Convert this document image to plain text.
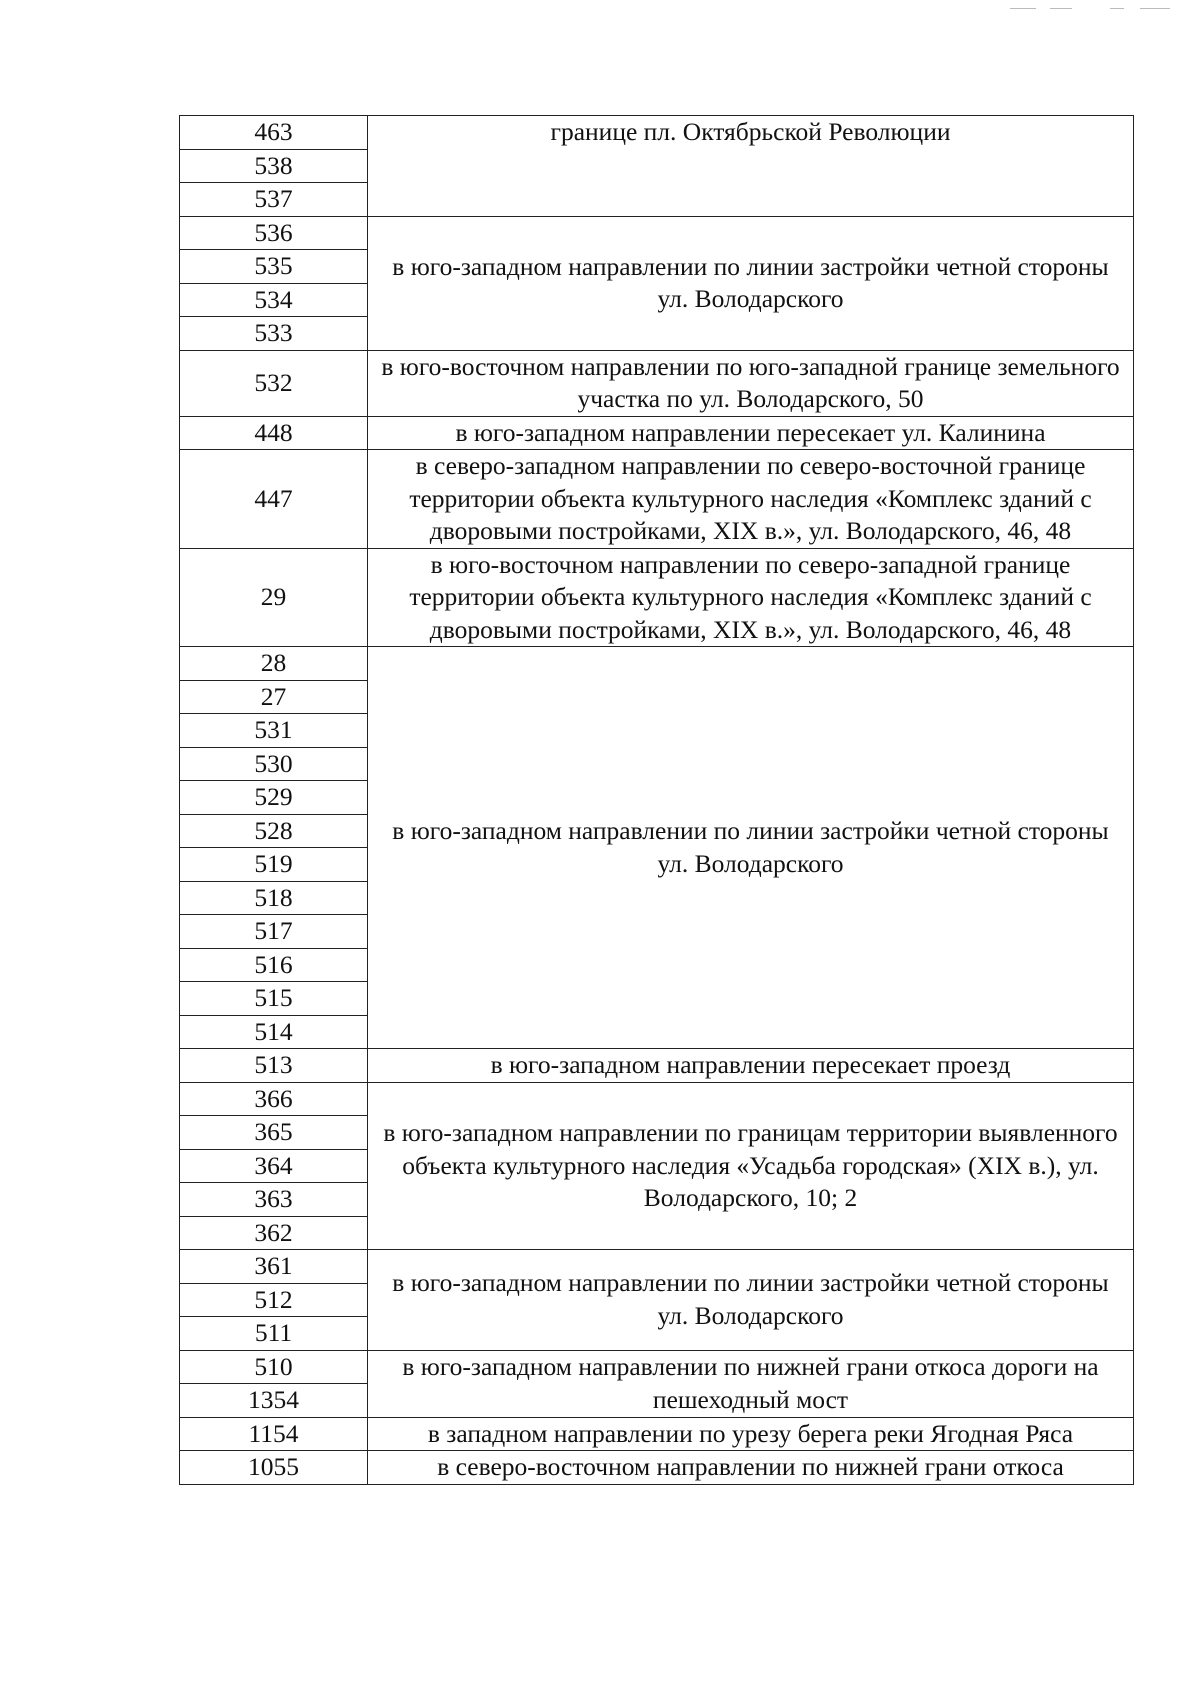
463	границе пл. Октябрьской Революции
538	
537	
536	в юго-западном направлении по линии застройки четной стороны ул. Володарского
535	
534	
533	
532	в юго-восточном направлении по юго-западной границе земельного участка по ул. Володарского, 50
448	в юго-западном направлении пересекает ул. Калинина
447	в северо-западном направлении по северо-восточной границе территории объекта культурного наследия «Комплекс зданий с дворовыми постройками, XIX в.», ул. Володарского, 46, 48
29	в юго-восточном направлении по северо-западной границе территории объекта культурного наследия «Комплекс зданий с дворовыми постройками, XIX в.», ул. Володарского, 46, 48
28	в юго-западном направлении по линии застройки четной стороны ул. Володарского
27	
531	
530	
529	
528	
519	
518	
517	
516	
515	
514	
513	в юго-западном направлении пересекает проезд
366	в юго-западном направлении по границам территории выявленного объекта культурного наследия «Усадьба городская» (XIX в.), ул. Володарского, 10; 2
365	
364	
363	
362	
361	в юго-западном направлении по линии застройки четной стороны ул. Володарского
512	
511	
510	в юго-западном направлении по нижней грани откоса дороги на пешеходный мост
1354	
1154	в западном направлении по урезу берега реки Ягодная Ряса
1055	в северо-восточном направлении по нижней грани откоса
